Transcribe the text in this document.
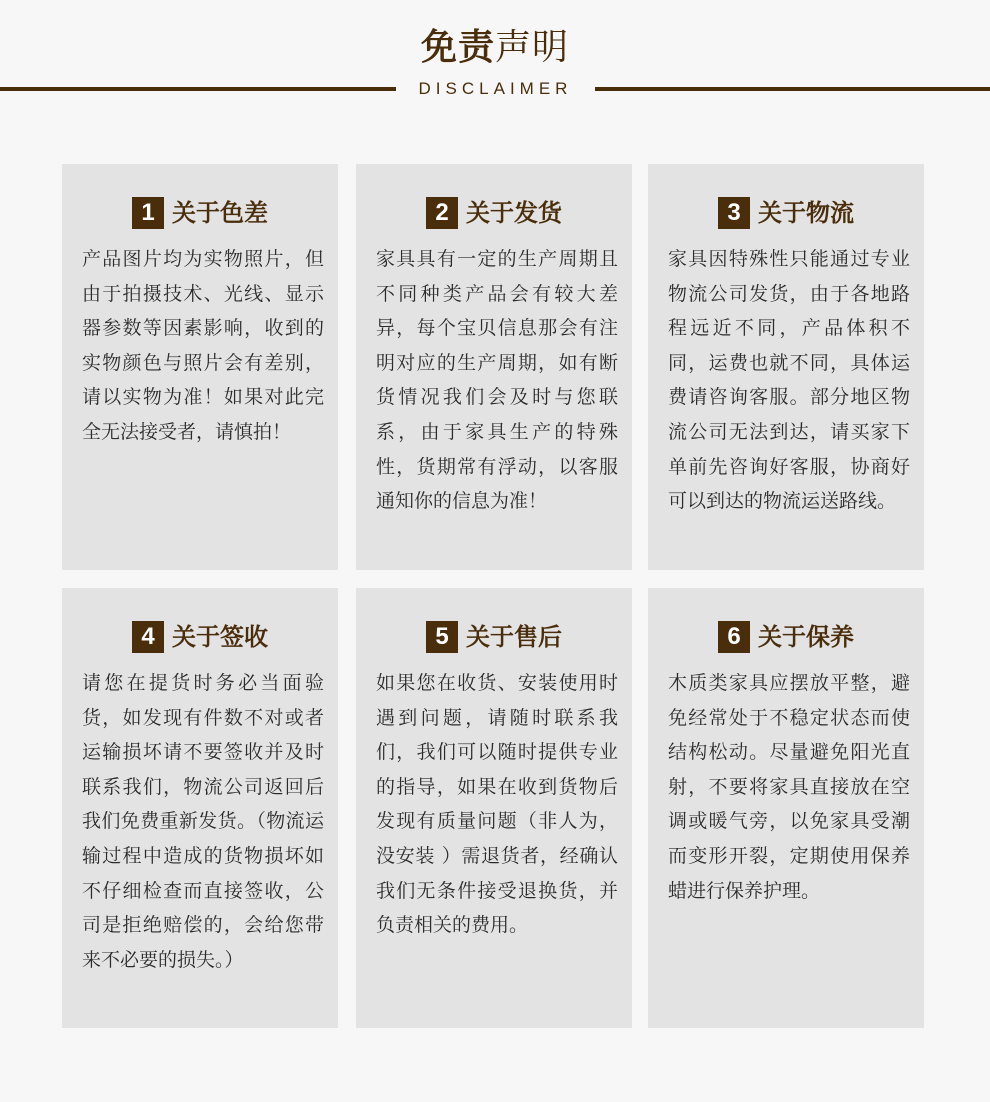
免责声明
DISCLAIMER
1 关于色差
产品图片均为实物照片，但由于拍摄技术、光线、显示器参数等因素影响，收到的实物颜色与照片会有差别，请以实物为准！如果对此完全无法接受者，请慎拍！
2 关于发货
家具具有一定的生产周期且不同种类产品会有较大差异，每个宝贝信息那会有注明对应的生产周期，如有断货情况我们会及时与您联系，由于家具生产的特殊性，货期常有浮动，以客服通知你的信息为准！
3 关于物流
家具因特殊性只能通过专业物流公司发货，由于各地路程远近不同，产品体积不同，运费也就不同，具体运费请咨询客服。部分地区物流公司无法到达，请买家下单前先咨询好客服，协商好可以到达的物流运送路线。
4 关于签收
请您在提货时务必当面验货，如发现有件数不对或者运输损坏请不要签收并及时联系我们，物流公司返回后我们免费重新发货。（物流运输过程中造成的货物损坏如不仔细检查而直接签收，公司是拒绝赔偿的，会给您带来不必要的损失。）
5 关于售后
如果您在收货、安装使用时遇到问题，请随时联系我们，我们可以随时提供专业的指导，如果在收到货物后发现有质量问题（非人为，没安装 ）需退货者，经确认我们无条件接受退换货，并负责相关的费用。
6 关于保养
木质类家具应摆放平整，避免经常处于不稳定状态而使结构松动。尽量避免阳光直射，不要将家具直接放在空调或暖气旁，以免家具受潮而变形开裂，定期使用保养蜡进行保养护理。
